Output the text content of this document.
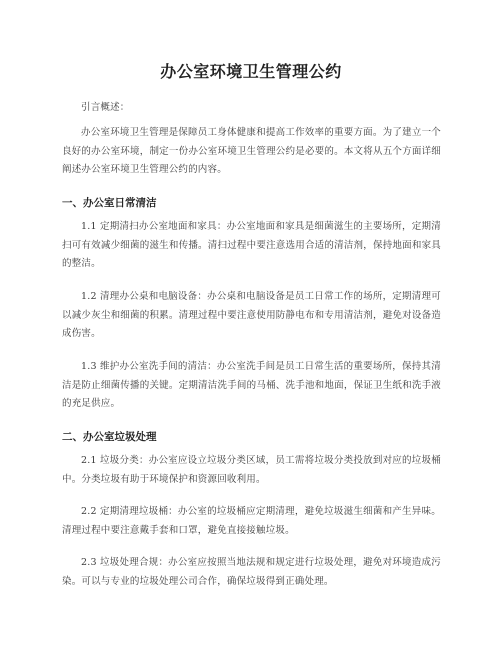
办公室环境卫生管理公约
引言概述：
办公室环境卫生管理是保障员工身体健康和提高工作效率的重要方面。为了建立一个良好的办公室环境，制定一份办公室环境卫生管理公约是必要的。本文将从五个方面详细阐述办公室环境卫生管理公约的内容。
一、办公室日常清洁
1.1 定期清扫办公室地面和家具：办公室地面和家具是细菌滋生的主要场所，定期清扫可有效减少细菌的滋生和传播。清扫过程中要注意选用合适的清洁剂，保持地面和家具的整洁。
1.2 清理办公桌和电脑设备：办公桌和电脑设备是员工日常工作的场所，定期清理可以减少灰尘和细菌的积累。清理过程中要注意使用防静电布和专用清洁剂，避免对设备造成伤害。
1.3 维护办公室洗手间的清洁：办公室洗手间是员工日常生活的重要场所，保持其清洁是防止细菌传播的关键。定期清洁洗手间的马桶、洗手池和地面，保证卫生纸和洗手液的充足供应。
二、办公室垃圾处理
2.1 垃圾分类：办公室应设立垃圾分类区域，员工需将垃圾分类投放到对应的垃圾桶中。分类垃圾有助于环境保护和资源回收利用。
2.2 定期清理垃圾桶：办公室的垃圾桶应定期清理，避免垃圾滋生细菌和产生异味。清理过程中要注意戴手套和口罩，避免直接接触垃圾。
2.3 垃圾处理合规：办公室应按照当地法规和规定进行垃圾处理，避免对环境造成污染。可以与专业的垃圾处理公司合作，确保垃圾得到正确处理。
